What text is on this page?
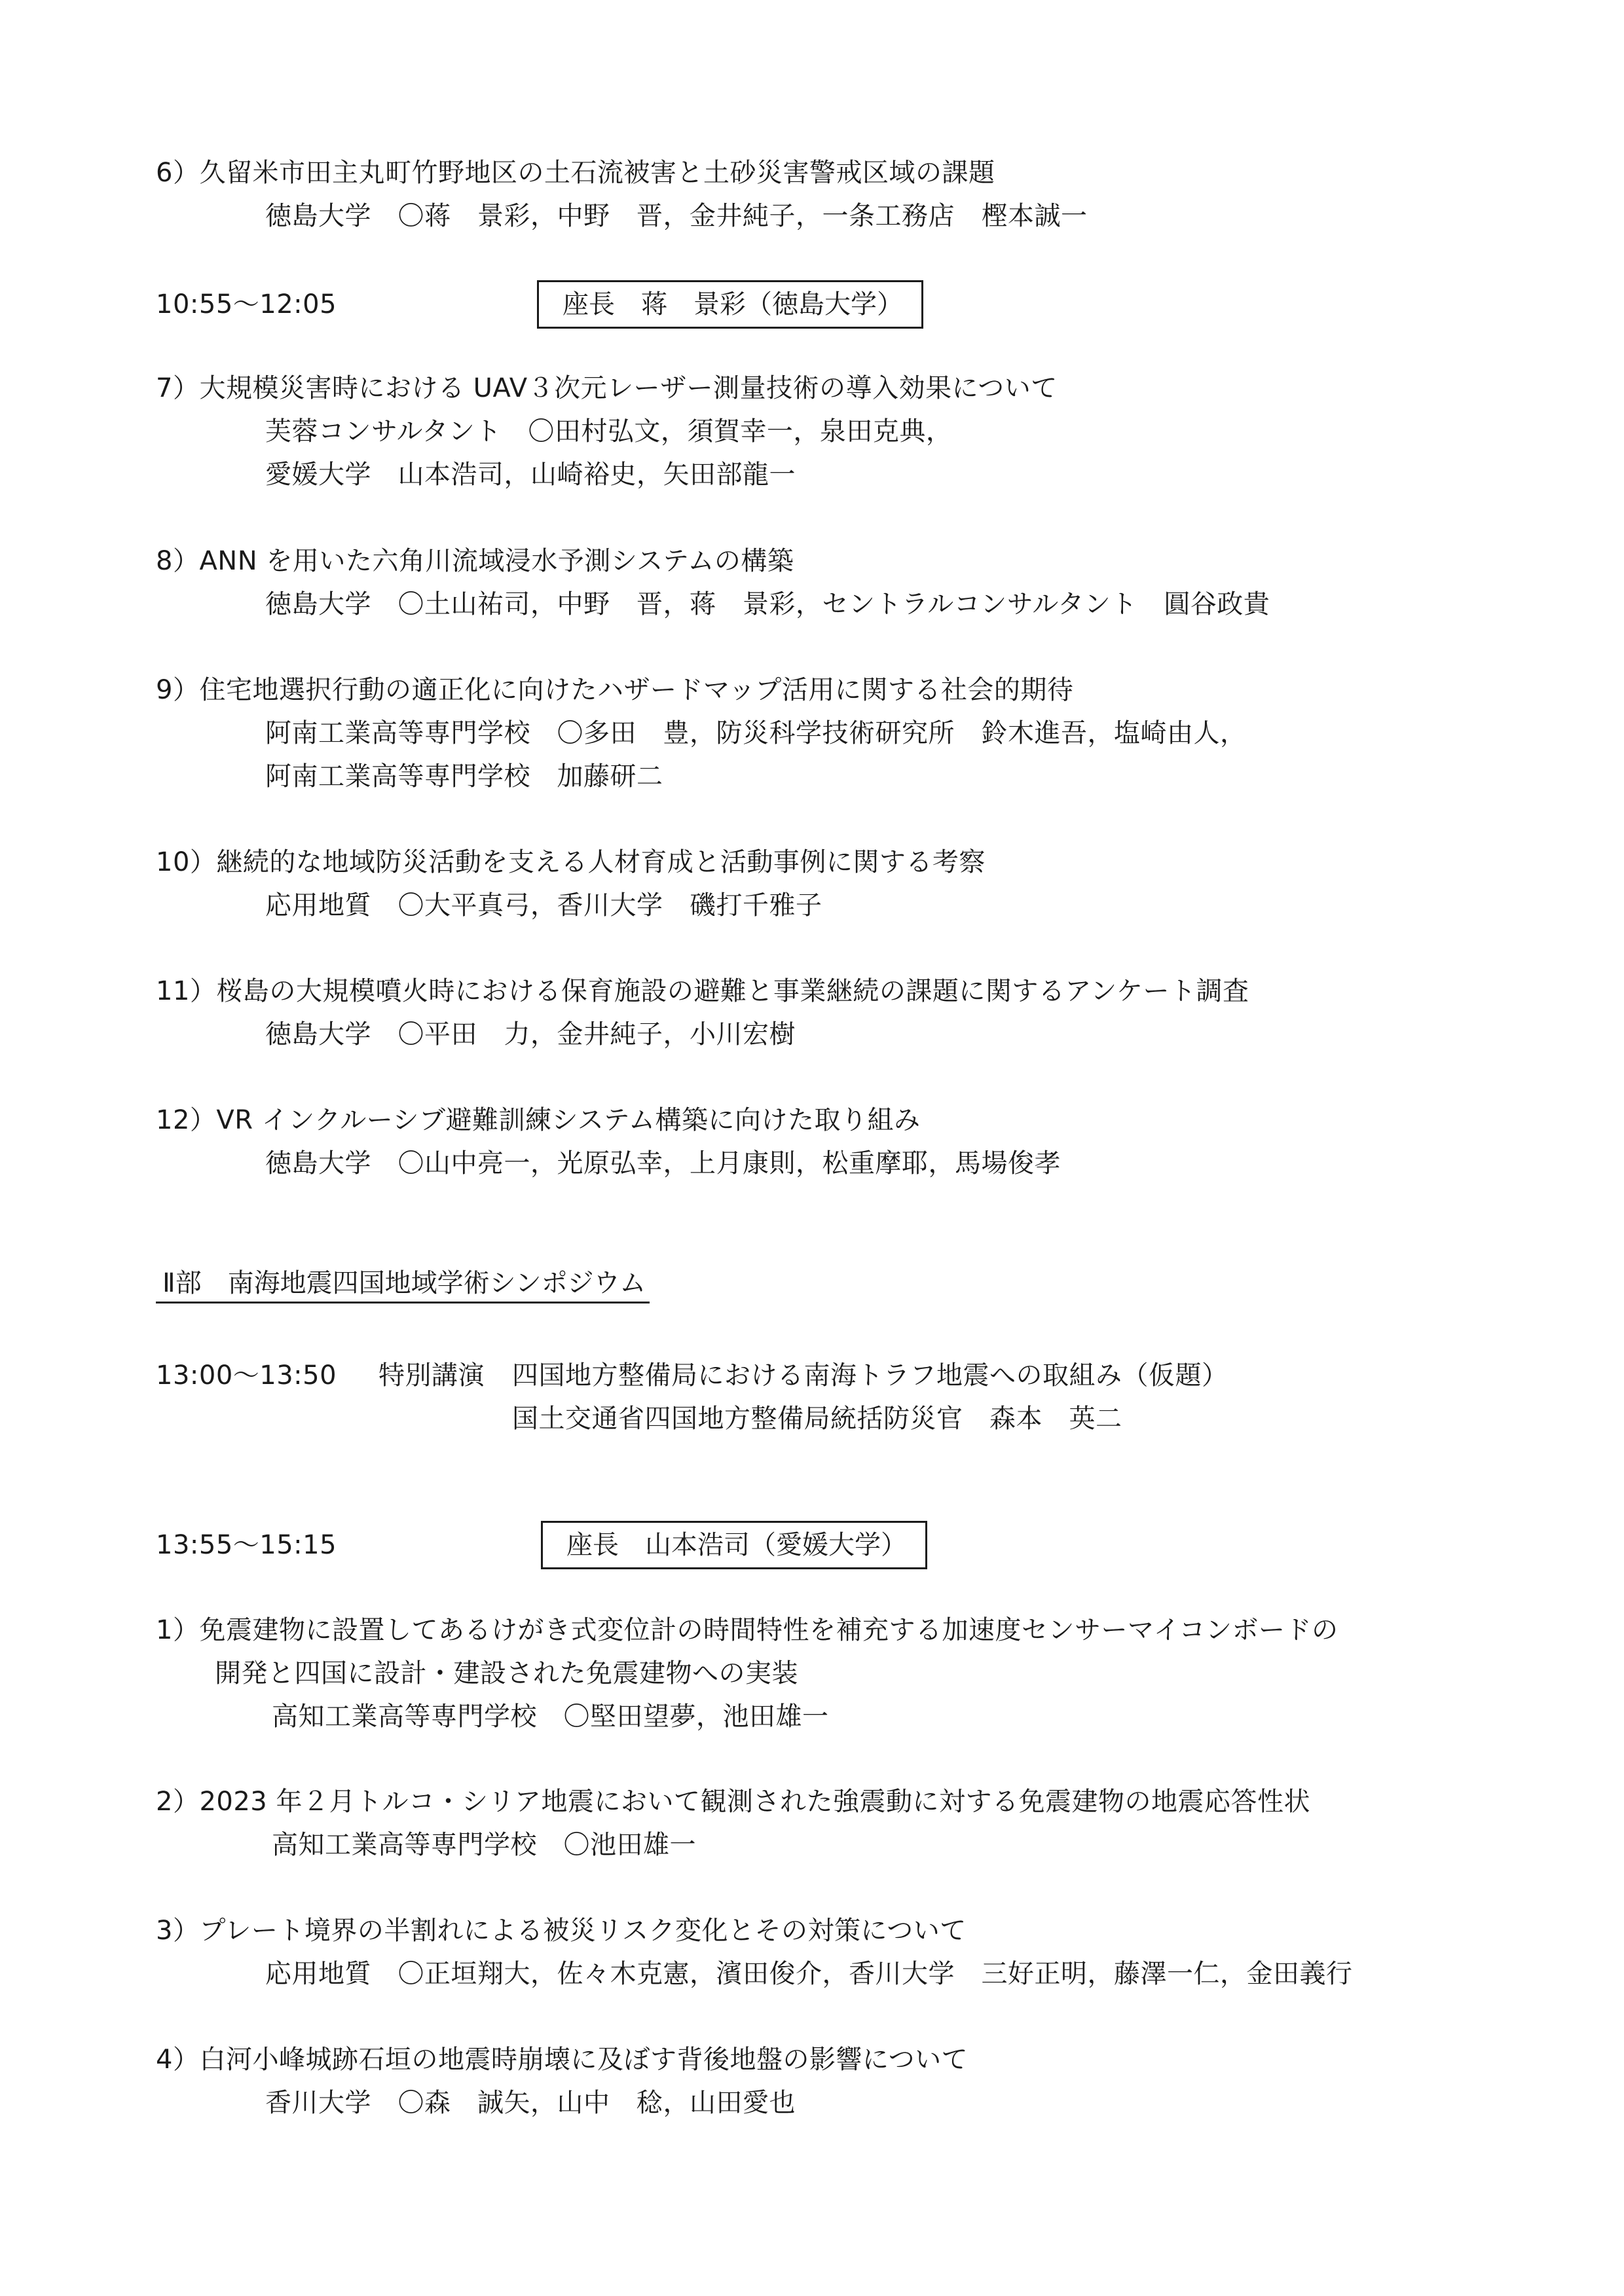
6）久留米市田主丸町竹野地区の土石流被害と土砂災害警戒区域の課題
徳島大学　〇蒋　景彩，中野　晋，金井純子，一条工務店　樫本誠一
10:55～12:05	座長　蒋　景彩（徳島大学）
7）大規模災害時における UAV３次元レーザー測量技術の導入効果について
芙蓉コンサルタント　〇田村弘文，須賀幸一，泉田克典，
愛媛大学　山本浩司，山崎裕史，矢田部龍一
8）ANN を用いた六角川流域浸水予測システムの構築
徳島大学　〇土山祐司，中野　晋，蒋　景彩，セントラルコンサルタント　圓谷政貴
9）住宅地選択行動の適正化に向けたハザードマップ活用に関する社会的期待
阿南工業高等専門学校　〇多田　豊，防災科学技術研究所　鈴木進吾，塩崎由人，
阿南工業高等専門学校　加藤研二
10）継続的な地域防災活動を支える人材育成と活動事例に関する考察
応用地質　〇大平真弓，香川大学　磯打千雅子
11）桜島の大規模噴火時における保育施設の避難と事業継続の課題に関するアンケート調査
徳島大学　〇平田　力，金井純子，小川宏樹
12）VR インクルーシブ避難訓練システム構築に向けた取り組み
徳島大学　〇山中亮一，光原弘幸，上月康則，松重摩耶，馬場俊孝
Ⅱ部　南海地震四国地域学術シンポジウム
13:00～13:50 特別講演 四国地方整備局における南海トラフ地震への取組み（仮題）
国土交通省四国地方整備局統括防災官　森本　英二
13:55～15:15	座長　山本浩司（愛媛大学）
1）免震建物に設置してあるけがき式変位計の時間特性を補充する加速度センサーマイコンボードの
開発と四国に設計・建設された免震建物への実装
高知工業高等専門学校　〇堅田望夢，池田雄一
2）2023 年２月トルコ・シリア地震において観測された強震動に対する免震建物の地震応答性状
高知工業高等専門学校　〇池田雄一
3）プレート境界の半割れによる被災リスク変化とその対策について
応用地質　〇正垣翔大，佐々木克憲，濱田俊介，香川大学　三好正明，藤澤一仁，金田義行
4）白河小峰城跡石垣の地震時崩壊に及ぼす背後地盤の影響について
香川大学　〇森　誠矢，山中　稔，山田愛也
